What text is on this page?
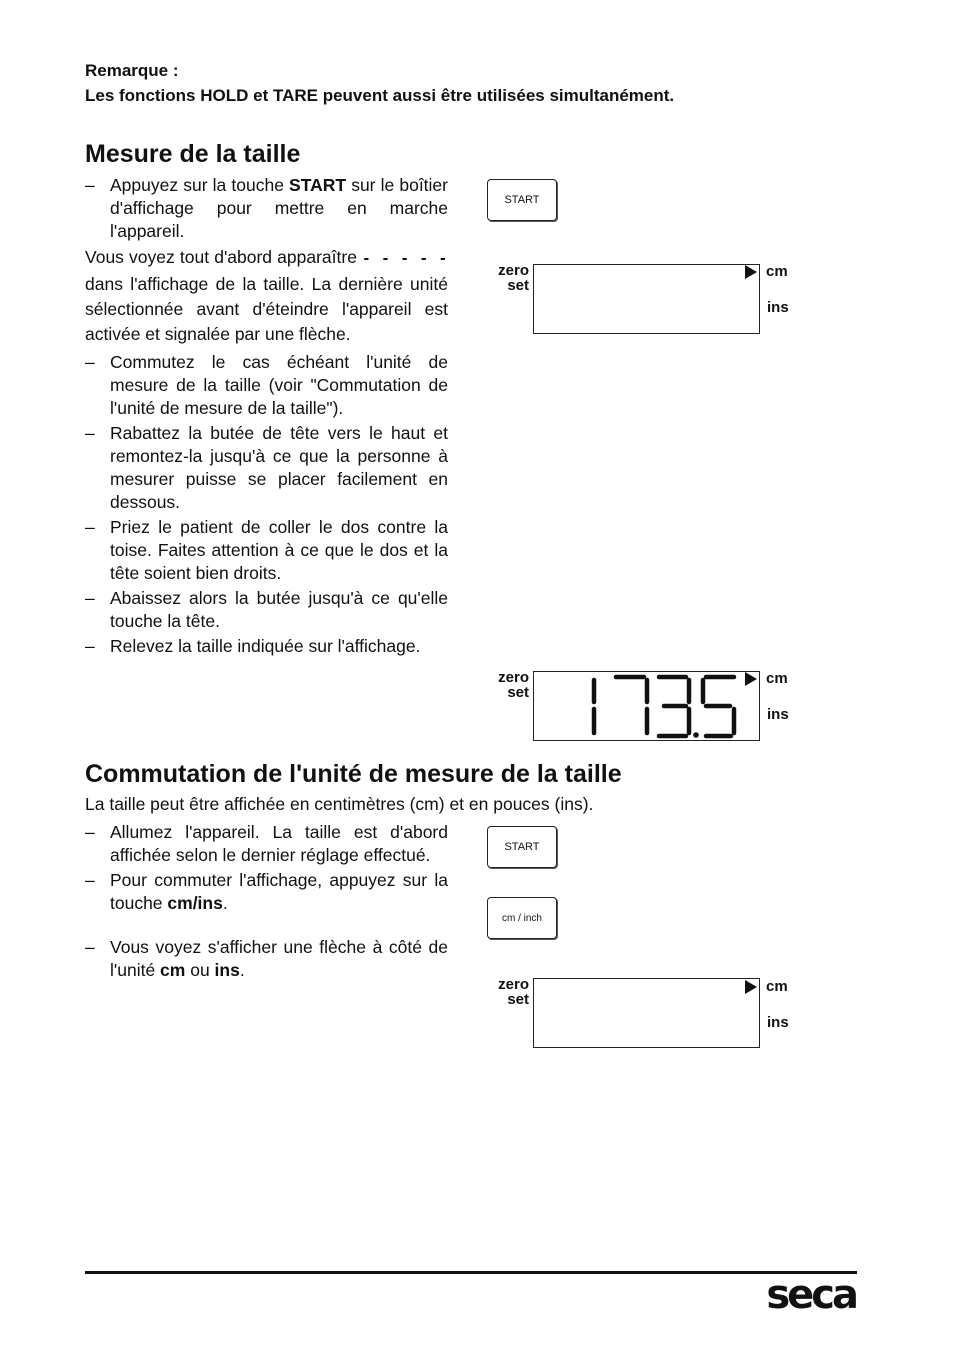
Remarque :
Les fonctions HOLD et TARE peuvent aussi être utilisées simultanément.
Mesure de la taille
– Appuyez sur la touche START sur le boîtier d'affichage pour mettre en marche l'appareil.
Vous voyez tout d'abord apparaître - - - - - dans l'affichage de la taille. La dernière unité sélectionnée avant d'éteindre l'appareil est activée et signalée par une flèche.
– Commutez le cas échéant l'unité de mesure de la taille (voir "Commutation de l'unité de mesure de la taille").
– Rabattez la butée de tête vers le haut et remontez-la jusqu'à ce que la personne à mesurer puisse se placer facilement en dessous.
– Priez le patient de coller le dos contre la toise. Faites attention à ce que le dos et la tête soient bien droits.
– Abaissez alors la butée jusqu'à ce qu'elle touche la tête.
– Relevez la taille indiquée sur l'affichage.
START
zero
set
cm
ins
zero
set
cm
ins
Commutation de l'unité de mesure de la taille
La taille peut être affichée en centimètres (cm) et en pouces (ins).
– Allumez l'appareil. La taille est d'abord affichée selon le dernier réglage effectué.
– Pour commuter l'affichage, appuyez sur la touche cm/ins.
– Vous voyez s'afficher une flèche à côté de l'unité cm ou ins.
START
cm / inch
zero
set
cm
ins
seca
